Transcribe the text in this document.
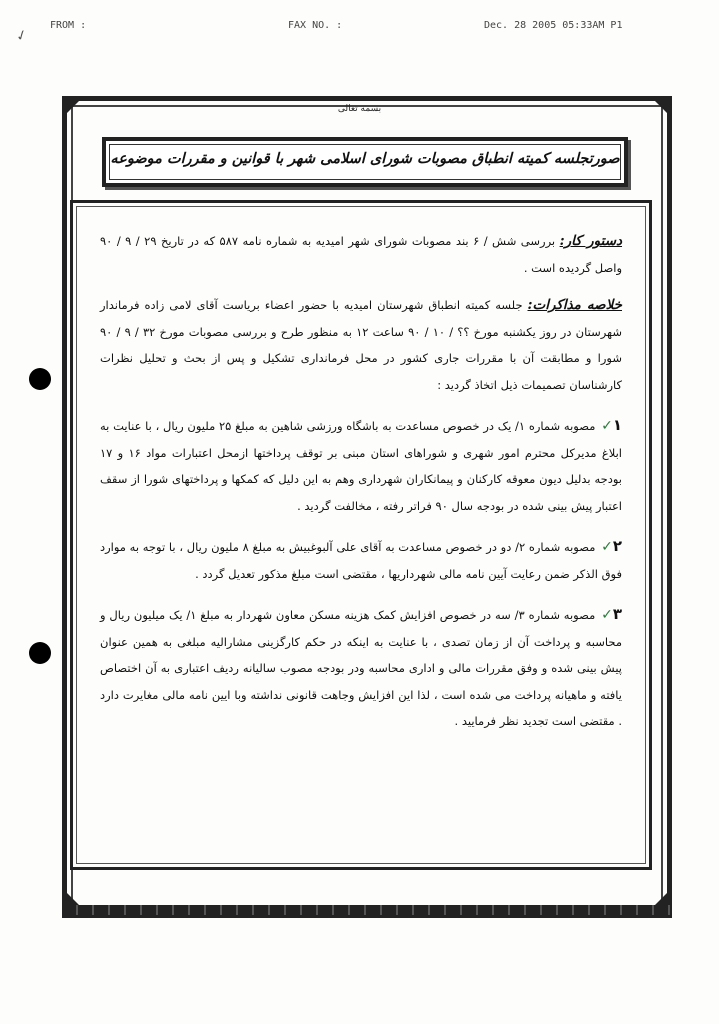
FROM :	FAX NO. :	Dec. 28 2005 05:33AM P1
✓
بسمه تعالی
صورتجلسه کمیته انطباق مصوبات شورای اسلامی شهر با قوانین و مقررات موضوعه

دستور کار: بررسی شش / ۶ بند مصوبات شورای شهر امیدیه به شماره نامه ۵۸۷ که در تاریخ ۲۹ / ۹ / ۹۰ واصل گردیده است .

خلاصه مذاکرات: جلسه کمیته انطباق شهرستان امیدیه با حضور اعضاء بریاست آقای لامی زاده فرماندار شهرستان در روز یکشنبه مورخ ؟؟ / ۱۰ / ۹۰ ساعت ۱۲ به منظور طرح و بررسی مصوبات مورخ ۳۲ / ۹ / ۹۰ شورا و مطابقت آن با مقررات جاری کشور در محل فرمانداری تشکیل و پس از بحث و تحلیل نظرات کارشناسان تصمیمات ذیل اتخاذ گردید :

۱✓ مصوبه شماره ۱/ یک در خصوص مساعدت به باشگاه ورزشی شاهین به مبلغ ۲۵ ملیون ریال ، با عنایت به ابلاغ مدیرکل محترم امور شهری و شوراهای استان مبنی بر توقف پرداختها ازمحل اعتبارات مواد ۱۶ و ۱۷ بودجه بدلیل دیون معوقه کارکنان و پیمانکاران شهرداری وهم به این دلیل که کمکها و پرداختهای شورا از سقف اعتبار پیش بینی شده در بودجه سال ۹۰ فراتر رفته ، مخالفت گردید .

۲✓ مصوبه شماره ۲/ دو در خصوص مساعدت به آقای علی آلبوغبیش به مبلغ ۸ ملیون ریال ، با توجه به موارد فوق الذکر ضمن رعایت آیین نامه مالی شهرداریها ، مقتضی است مبلغ مذکور تعدیل گردد .

۳✓ مصوبه شماره ۳/ سه در خصوص افزایش کمک هزینه مسکن معاون شهردار به مبلغ ۱/ یک میلیون ریال و محاسبه و پرداخت آن از زمان تصدی ، با عنایت به اینکه در حکم کارگزینی مشارالیه مبلغی به همین عنوان پیش بینی شده و وفق مقررات مالی و اداری محاسبه ودر بودجه مصوب سالیانه ردیف اعتباری به آن اختصاص یافته و ماهیانه پرداخت می شده است ، لذا این افزایش وجاهت قانونی نداشته وبا ایین نامه مالی مغایرت دارد . مقتضی است تجدید نظر فرمایید .
